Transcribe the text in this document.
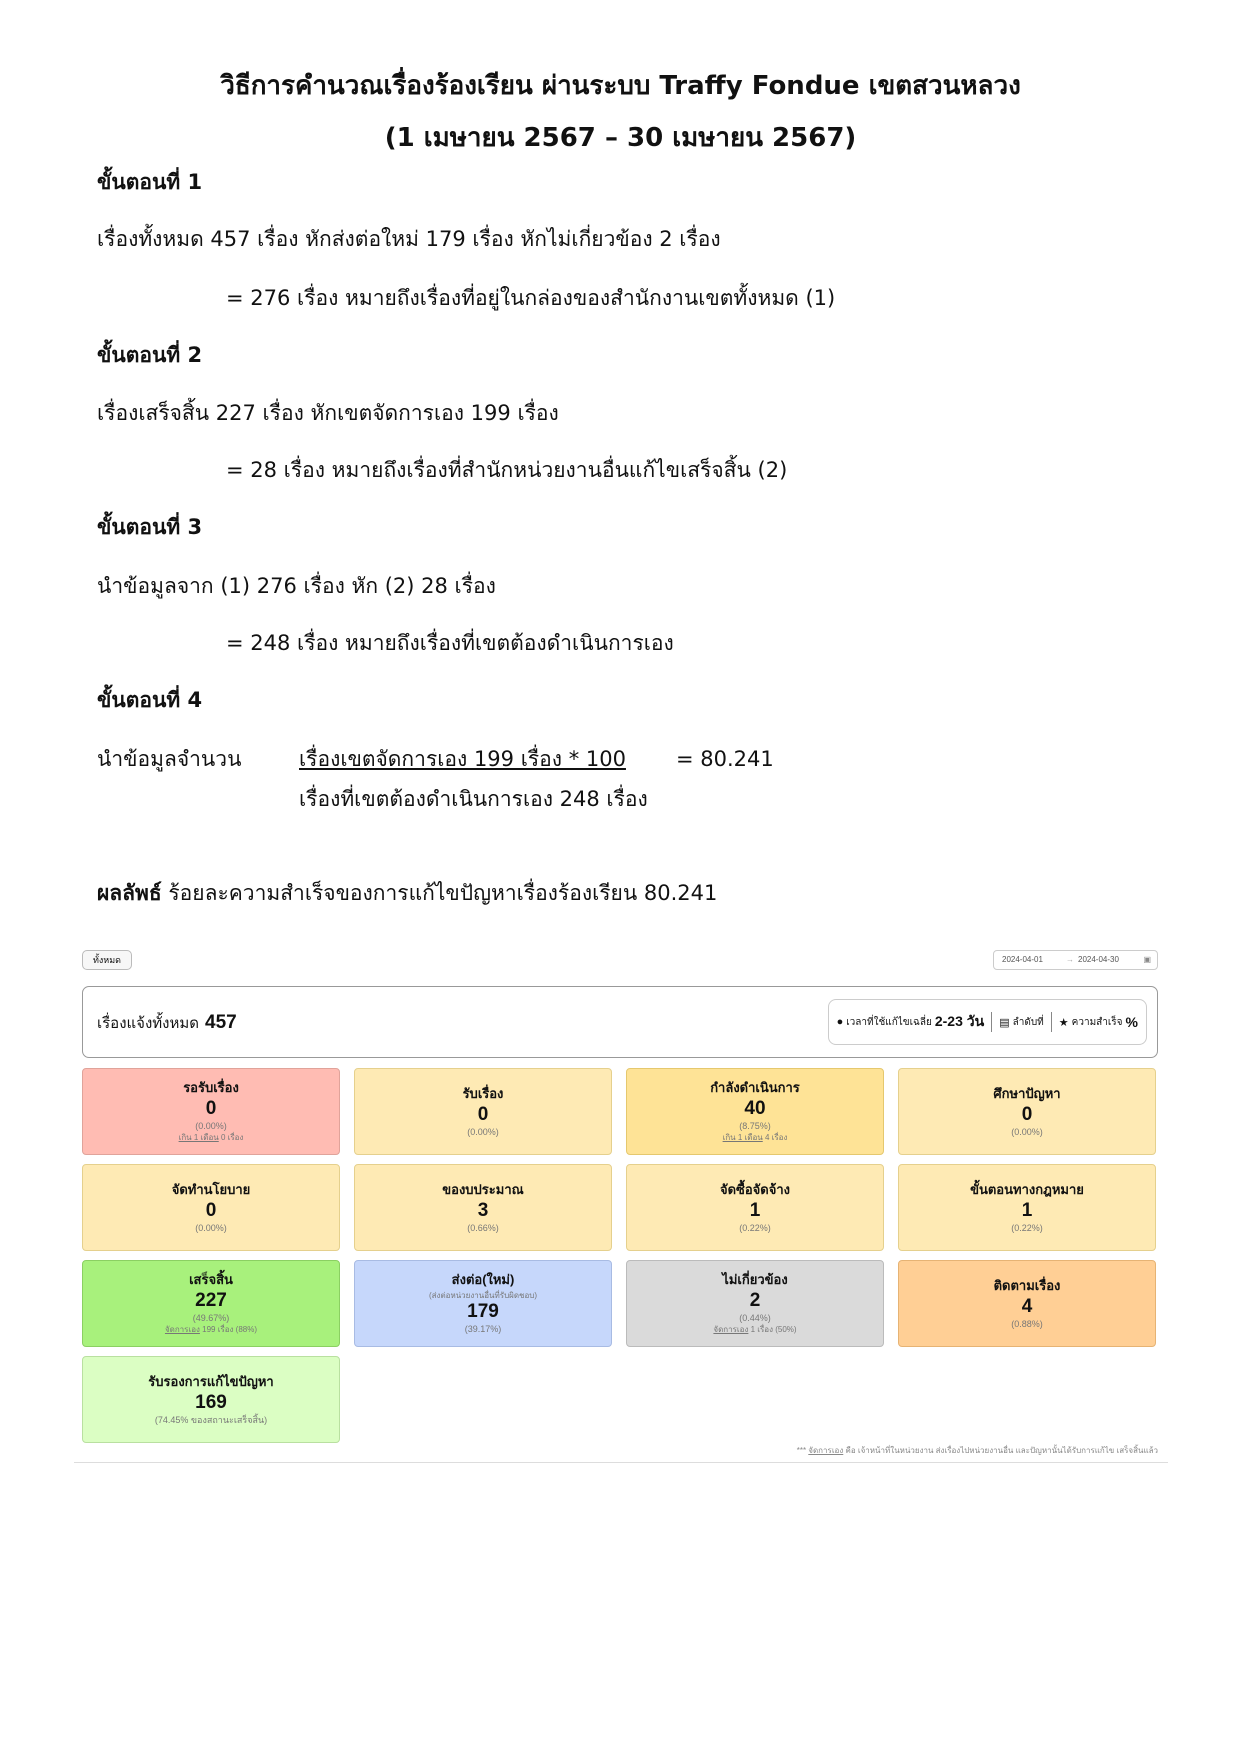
วิธีการคำนวณเรื่องร้องเรียน ผ่านระบบ Traffy Fondue เขตสวนหลวง
(1 เมษายน 2567 – 30 เมษายน 2567)
ขั้นตอนที่ 1
เรื่องทั้งหมด 457 เรื่อง หักส่งต่อใหม่ 179 เรื่อง หักไม่เกี่ยวข้อง 2 เรื่อง
= 276 เรื่อง หมายถึงเรื่องที่อยู่ในกล่องของสำนักงานเขตทั้งหมด (1)
ขั้นตอนที่ 2
เรื่องเสร็จสิ้น 227 เรื่อง หักเขตจัดการเอง 199 เรื่อง
= 28 เรื่อง หมายถึงเรื่องที่สำนักหน่วยงานอื่นแก้ไขเสร็จสิ้น (2)
ขั้นตอนที่ 3
นำข้อมูลจาก (1) 276 เรื่อง หัก (2) 28 เรื่อง
= 248 เรื่อง หมายถึงเรื่องที่เขตต้องดำเนินการเอง
ขั้นตอนที่ 4
นำข้อมูลจำนวน	เรื่องเขตจัดการเอง 199 เรื่อง * 100 = 80.241
เรื่องที่เขตต้องดำเนินการเอง 248 เรื่อง
ผลลัพธ์ ร้อยละความสำเร็จของการแก้ไขปัญหาเรื่องร้องเรียน 80.241
ทั้งหมด	2024-04-01	→ 2024-04-30	▣
เรื่องแจ้งทั้งหมด 457	● เวลาที่ใช้แก้ไขเฉลี่ย 2-23 วัน ▤ ลำดับที่ ★ ความสำเร็จ %
รอรับเรื่อง
0
(0.00%)
เกิน 1 เดือน 0 เรื่อง
รับเรื่อง
0
(0.00%)
กำลังดำเนินการ
40
(8.75%)
เกิน 1 เดือน 4 เรื่อง
ศึกษาปัญหา
0
(0.00%)
จัดทำนโยบาย
0
(0.00%)
ของบประมาณ
3
(0.66%)
จัดซื้อจัดจ้าง
1
(0.22%)
ขั้นตอนทางกฎหมาย
1
(0.22%)
เสร็จสิ้น
227
(49.67%)
จัดการเอง 199 เรื่อง (88%)
ส่งต่อ(ใหม่)
(ส่งต่อหน่วยงานอื่นที่รับผิดชอบ)
179
(39.17%)
ไม่เกี่ยวข้อง
2
(0.44%)
จัดการเอง 1 เรื่อง (50%)
ติดตามเรื่อง
4
(0.88%)
รับรองการแก้ไขปัญหา
169
(74.45% ของสถานะเสร็จสิ้น)
*** จัดการเอง คือ เจ้าหน้าที่ในหน่วยงาน ส่งเรื่องไปหน่วยงานอื่น และปัญหานั้นได้รับการแก้ไข เสร็จสิ้นแล้ว
